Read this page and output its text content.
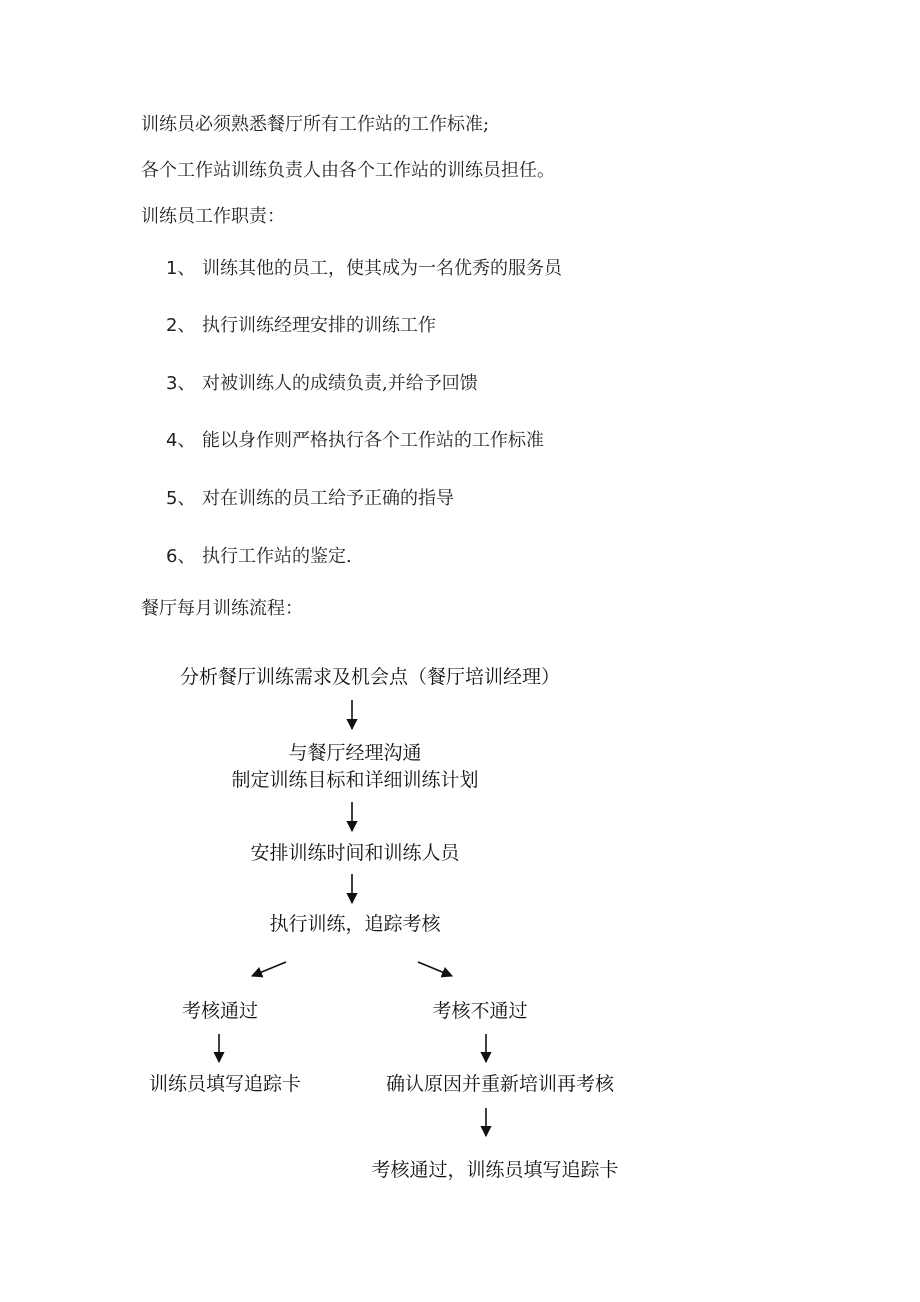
训练员必须熟悉餐厅所有工作站的工作标准;
各个工作站训练负责人由各个工作站的训练员担任。
训练员工作职责：
1、 训练其他的员工，使其成为一名优秀的服务员
2、 执行训练经理安排的训练工作
3、 对被训练人的成绩负责,并给予回馈
4、 能以身作则严格执行各个工作站的工作标准
5、 对在训练的员工给予正确的指导
6、 执行工作站的鉴定.
餐厅每月训练流程：
分析餐厅训练需求及机会点（餐厅培训经理）
与餐厅经理沟通
制定训练目标和详细训练计划
安排训练时间和训练人员
执行训练，追踪考核
考核通过	考核不通过
训练员填写追踪卡	确认原因并重新培训再考核
考核通过，训练员填写追踪卡
